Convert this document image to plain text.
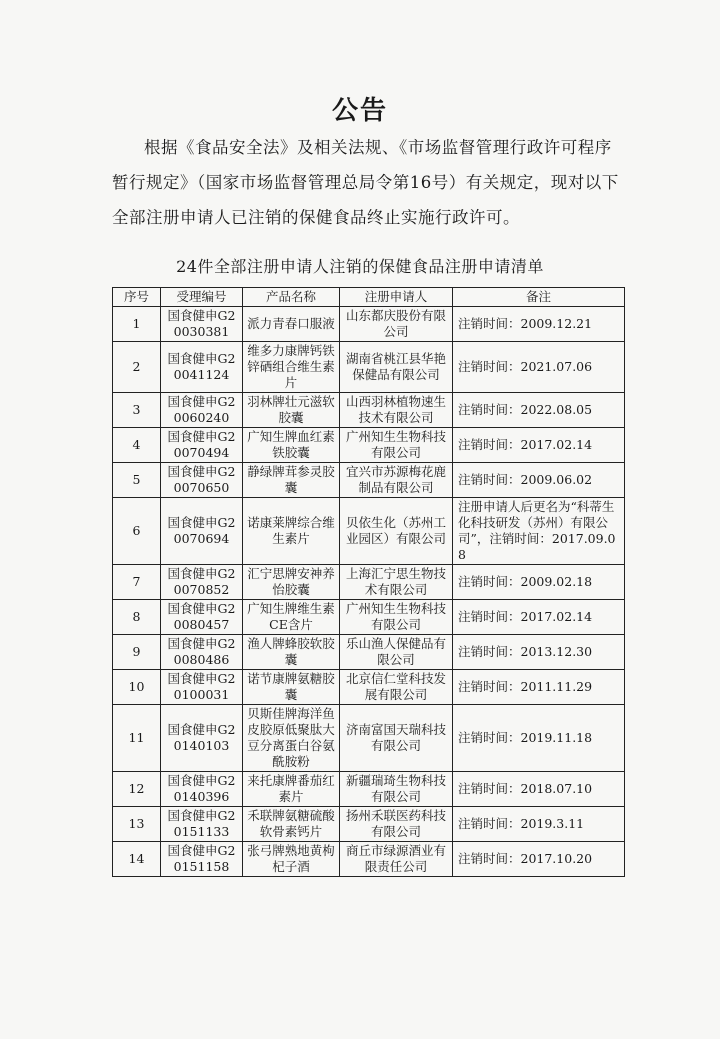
公告
根据《食品安全法》及相关法规、《市场监督管理行政许可程序暂行规定》（国家市场监督管理总局令第16号）有关规定，现对以下全部注册申请人已注销的保健食品终止实施行政许可。
24件全部注册申请人注销的保健食品注册申请清单
序号	受理编号	产品名称	注册申请人	备注
1	国食健申G20030381	派力青春口服液	山东都庆股份有限公司	注销时间：2009.12.21
2	国食健申G20041124	维多力康牌钙铁锌硒组合维生素片	湖南省桃江县华艳保健品有限公司	注销时间：2021.07.06
3	国食健申G20060240	羽林牌壮元滋软胶囊	山西羽林植物速生技术有限公司	注销时间：2022.08.05
4	国食健申G20070494	广知生牌血红素铁胶囊	广州知生生物科技有限公司	注销时间：2017.02.14
5	国食健申G20070650	静绿牌茸参灵胶囊	宜兴市苏源梅花鹿制品有限公司	注销时间：2009.06.02
6	国食健申G20070694	诺康莱牌综合维生素片	贝依生化（苏州工业园区）有限公司	注册申请人后更名为“科蒂生化科技研发（苏州）有限公司”，注销时间：2017.09.08
7	国食健申G20070852	汇宁思牌安神养怡胶囊	上海汇宁思生物技术有限公司	注销时间：2009.02.18
8	国食健申G20080457	广知生牌维生素CE含片	广州知生生物科技有限公司	注销时间：2017.02.14
9	国食健申G20080486	渔人牌蜂胶软胶囊	乐山渔人保健品有限公司	注销时间：2013.12.30
10	国食健申G20100031	诺节康牌氨糖胶囊	北京信仁堂科技发展有限公司	注销时间：2011.11.29
11	国食健申G20140103	贝斯佳牌海洋鱼皮胶原低聚肽大豆分离蛋白谷氨酰胺粉	济南富国天瑞科技有限公司	注销时间：2019.11.18
12	国食健申G20140396	来托康牌番茄红素片	新疆瑞琦生物科技有限公司	注销时间：2018.07.10
13	国食健申G20151133	禾联牌氨糖硫酸软骨素钙片	扬州禾联医药科技有限公司	注销时间：2019.3.11
14	国食健申G20151158	张弓牌熟地黄枸杞子酒	商丘市绿源酒业有限责任公司	注销时间：2017.10.20
